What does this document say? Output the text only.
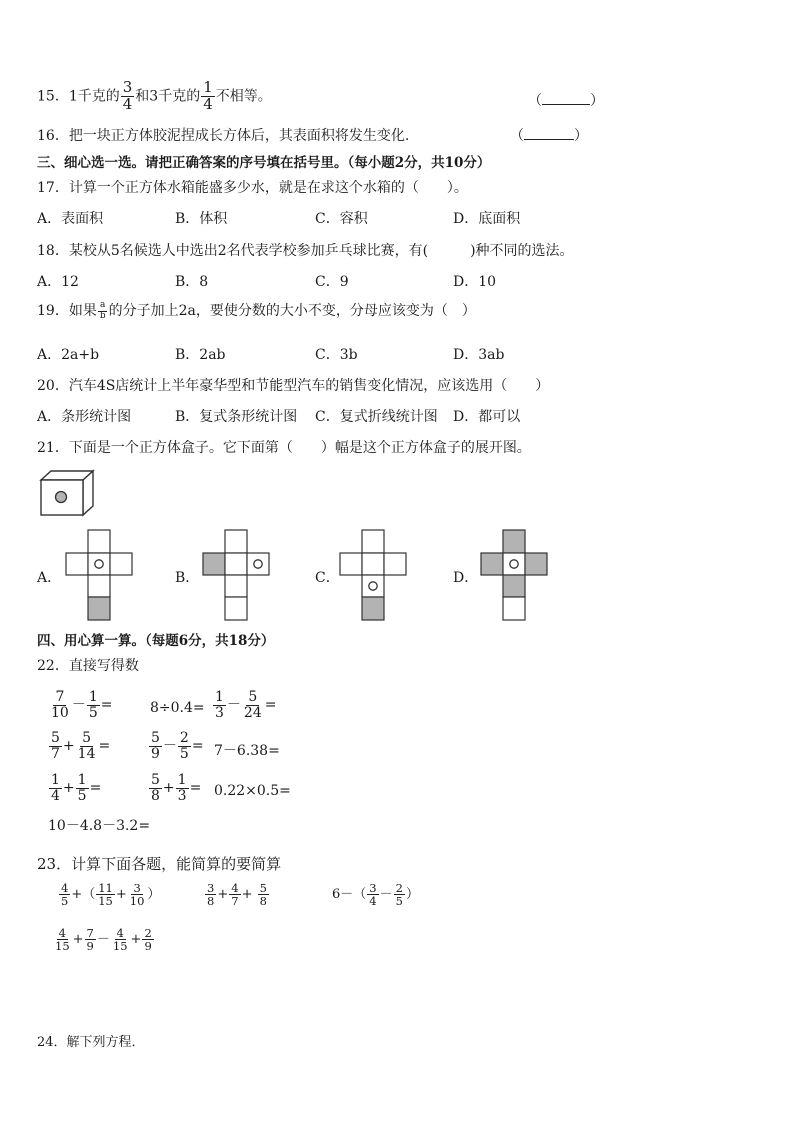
15．1千克的 $\frac{3}{4}$ 和3千克的 $\frac{1}{4}$ 不相等。	（	）
16．把一块正方体胶泥捏成长方体后，其表面积将发生变化.	（	）
三、细心选一选。请把正确答案的序号填在括号里。（每小题2分，共10分）
17．计算一个正方体水箱能盛多少水，就是在求这个水箱的（　　）。
A．表面积	B．体积	C．容积	D．底面积
18．某校从5名候选人中选出2名代表学校参加乒乓球比赛，有(　　　)种不同的选法。
A．12	B．8	C．9	D．10
19．如果 $\frac{a}{b}$ 的分子加上2a，要使分数的大小不变，分母应该变为（　）
A．2a+b	B．2ab	C．3b	D．3ab
20．汽车4S店统计上半年豪华型和节能型汽车的销售变化情况，应该选用（　　）
A．条形统计图	B．复式条形统计图 C．复式折线统计图 D．都可以
21．下面是一个正方体盒子。它下面第（　　）幅是这个正方体盒子的展开图。
A．	B．	C．	D．
四、用心算一算。（每题6分，共18分）
22．直接写得数
$\frac{7}{10} - \frac{1}{5}$ =	$8\div 0.4= \frac{1}{3} - \frac{5}{24}$ =
$\frac{5}{7} + \frac{5}{14}$ =	$\frac{5}{9} - \frac{2}{5} = 7-6.38=$
$\frac{1}{4} + \frac{1}{5}$ =	$\frac{5}{8} + \frac{1}{3} = 0.22\times 0.5=$
10－4.8－3.2=
23．计算下面各题，能简算的要简算
$\frac{4}{5}$ +（ $\frac{11}{15} + \frac{3}{10}$ ）	$\frac{3}{8} + \frac{4}{7} + \frac{5}{8}$	$6-( \frac{3}{4} - \frac{2}{5}$ ）
$\frac{4}{15} + \frac{7}{9} - \frac{4}{15} + \frac{2}{9}$
24．解下列方程．
